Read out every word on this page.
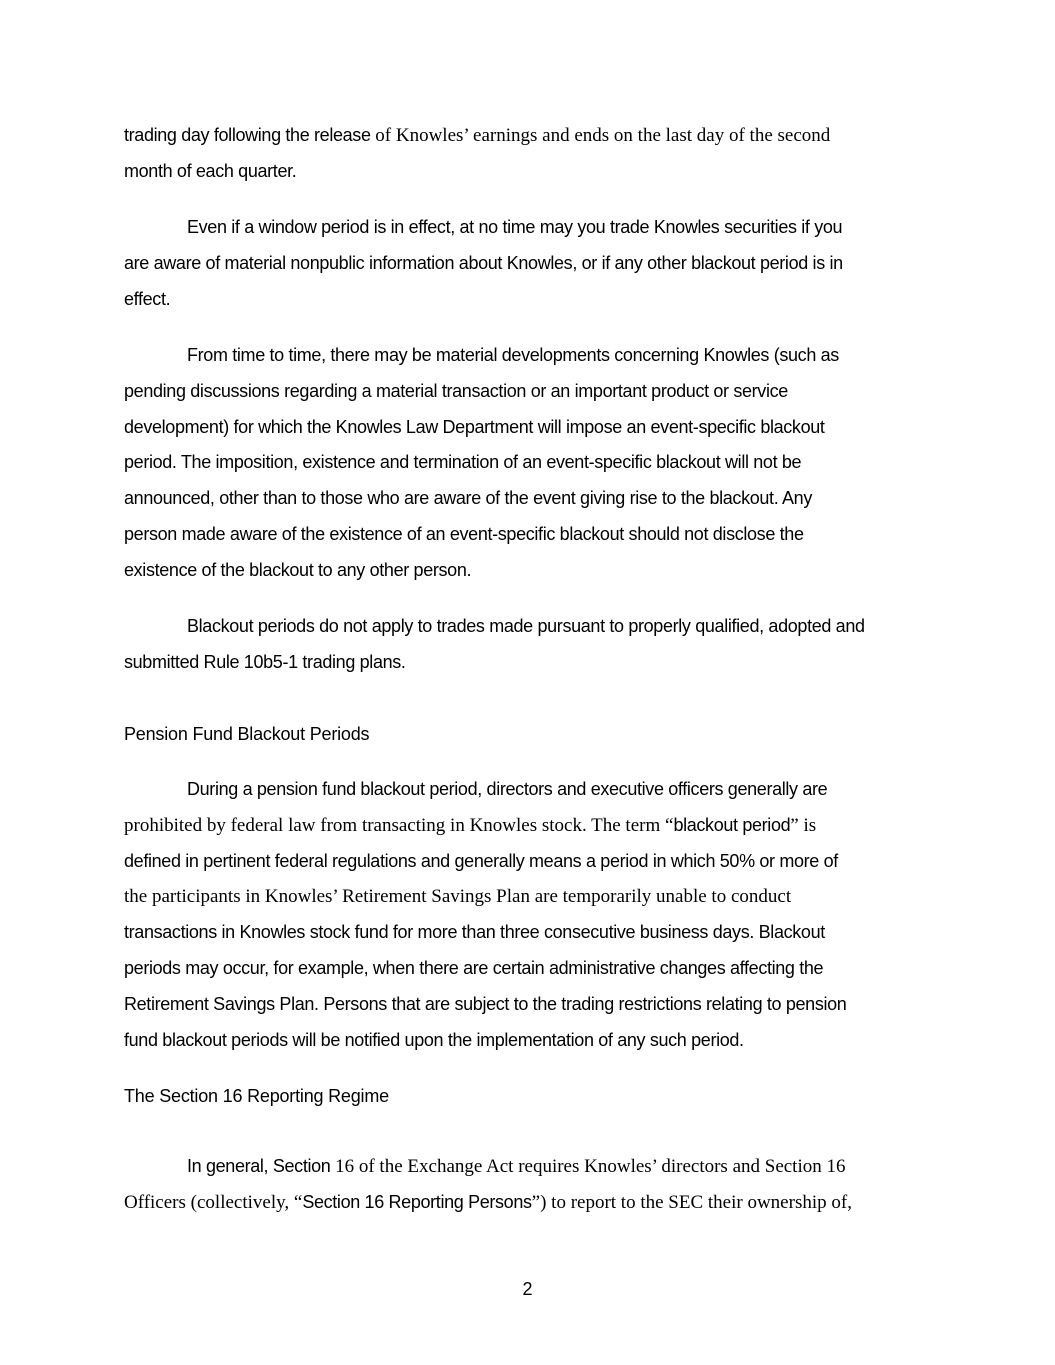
trading day following the release of Knowles’ earnings and ends on the last day of the second
month of each quarter.
Even if a window period is in effect, at no time may you trade Knowles securities if you
are aware of material nonpublic information about Knowles, or if any other blackout period is in
effect.
From time to time, there may be material developments concerning Knowles (such as
pending discussions regarding a material transaction or an important product or service
development) for which the Knowles Law Department will impose an event-specific blackout
period. The imposition, existence and termination of an event-specific blackout will not be
announced, other than to those who are aware of the event giving rise to the blackout. Any
person made aware of the existence of an event-specific blackout should not disclose the
existence of the blackout to any other person.
Blackout periods do not apply to trades made pursuant to properly qualified, adopted and
submitted Rule 10b5-1 trading plans.
Pension Fund Blackout Periods
During a pension fund blackout period, directors and executive officers generally are
prohibited by federal law from transacting in Knowles stock. The term “blackout period” is
defined in pertinent federal regulations and generally means a period in which 50% or more of
the participants in Knowles’ Retirement Savings Plan are temporarily unable to conduct
transactions in Knowles stock fund for more than three consecutive business days. Blackout
periods may occur, for example, when there are certain administrative changes affecting the
Retirement Savings Plan. Persons that are subject to the trading restrictions relating to pension
fund blackout periods will be notified upon the implementation of any such period.
The Section 16 Reporting Regime
In general, Section 16 of the Exchange Act requires Knowles’ directors and Section 16
Officers (collectively, “Section 16 Reporting Persons”) to report to the SEC their ownership of,
2
